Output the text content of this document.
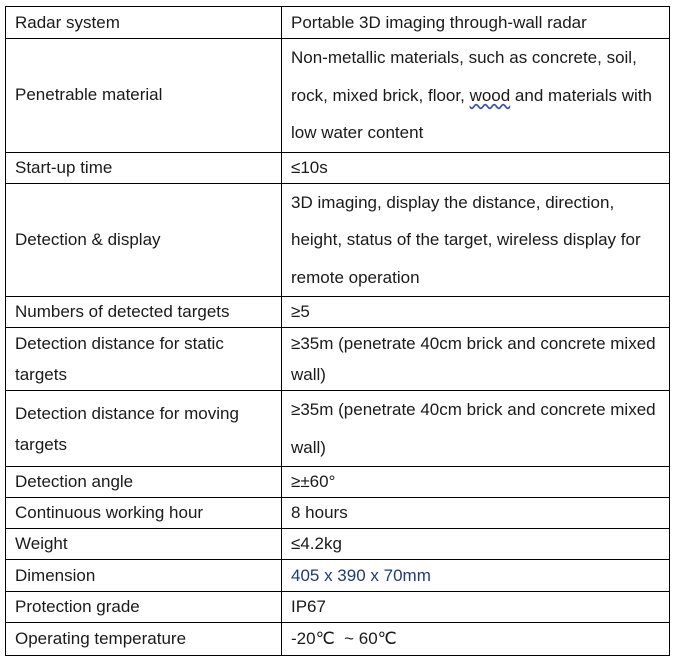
Radar system	Portable 3D imaging through-wall radar
Penetrable material	Non-metallic materials, such as concrete, soil, rock, mixed brick, floor, wood and materials with low water content
Start-up time	≤10s
Detection & display	3D imaging, display the distance, direction, height, status of the target, wireless display for remote operation
Numbers of detected targets	≥5
Detection distance for static targets	≥35m (penetrate 40cm brick and concrete mixed wall)
Detection distance for moving targets	≥35m (penetrate 40cm brick and concrete mixed wall)
Detection angle	≥±60°
Continuous working hour	8 hours
Weight	≤4.2kg
Dimension	405 x 390 x 70mm
Protection grade	IP67
Operating temperature	-20℃  ~ 60℃
